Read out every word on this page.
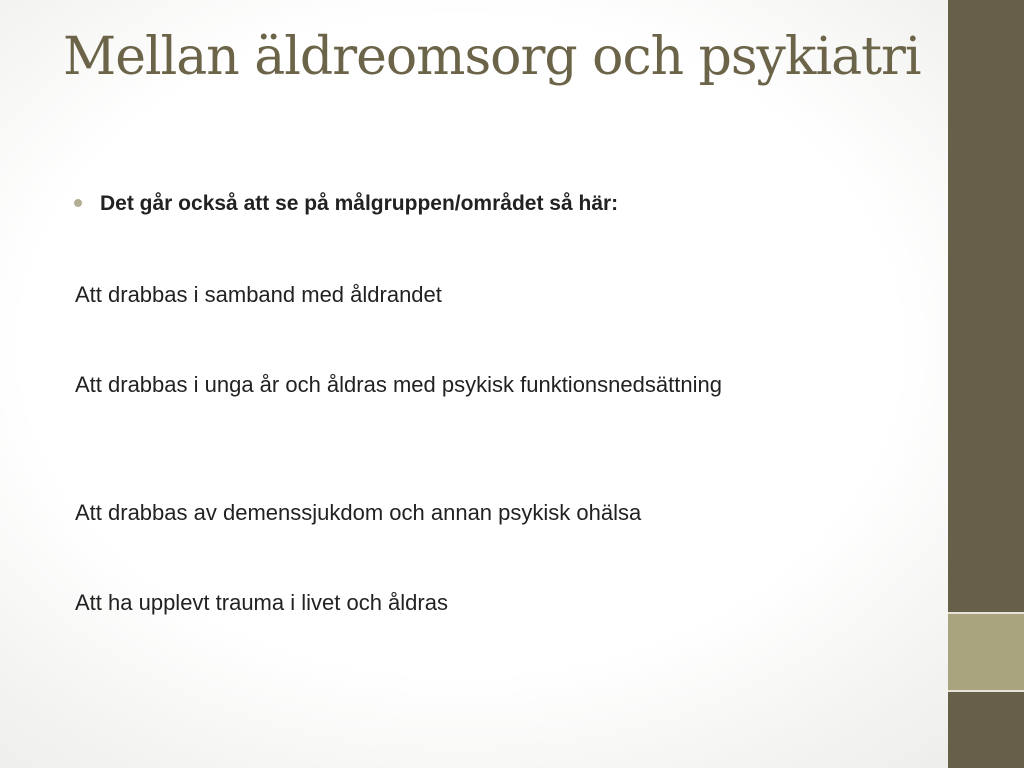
Mellan äldreomsorg och psykiatri
Det går också att se på målgruppen/området så här:

Att drabbas i samband med åldrandet

Att drabbas i unga år och åldras med psykisk funktionsnedsättning

Att drabbas av demenssjukdom och annan psykisk ohälsa

Att ha upplevt trauma i livet och åldras
